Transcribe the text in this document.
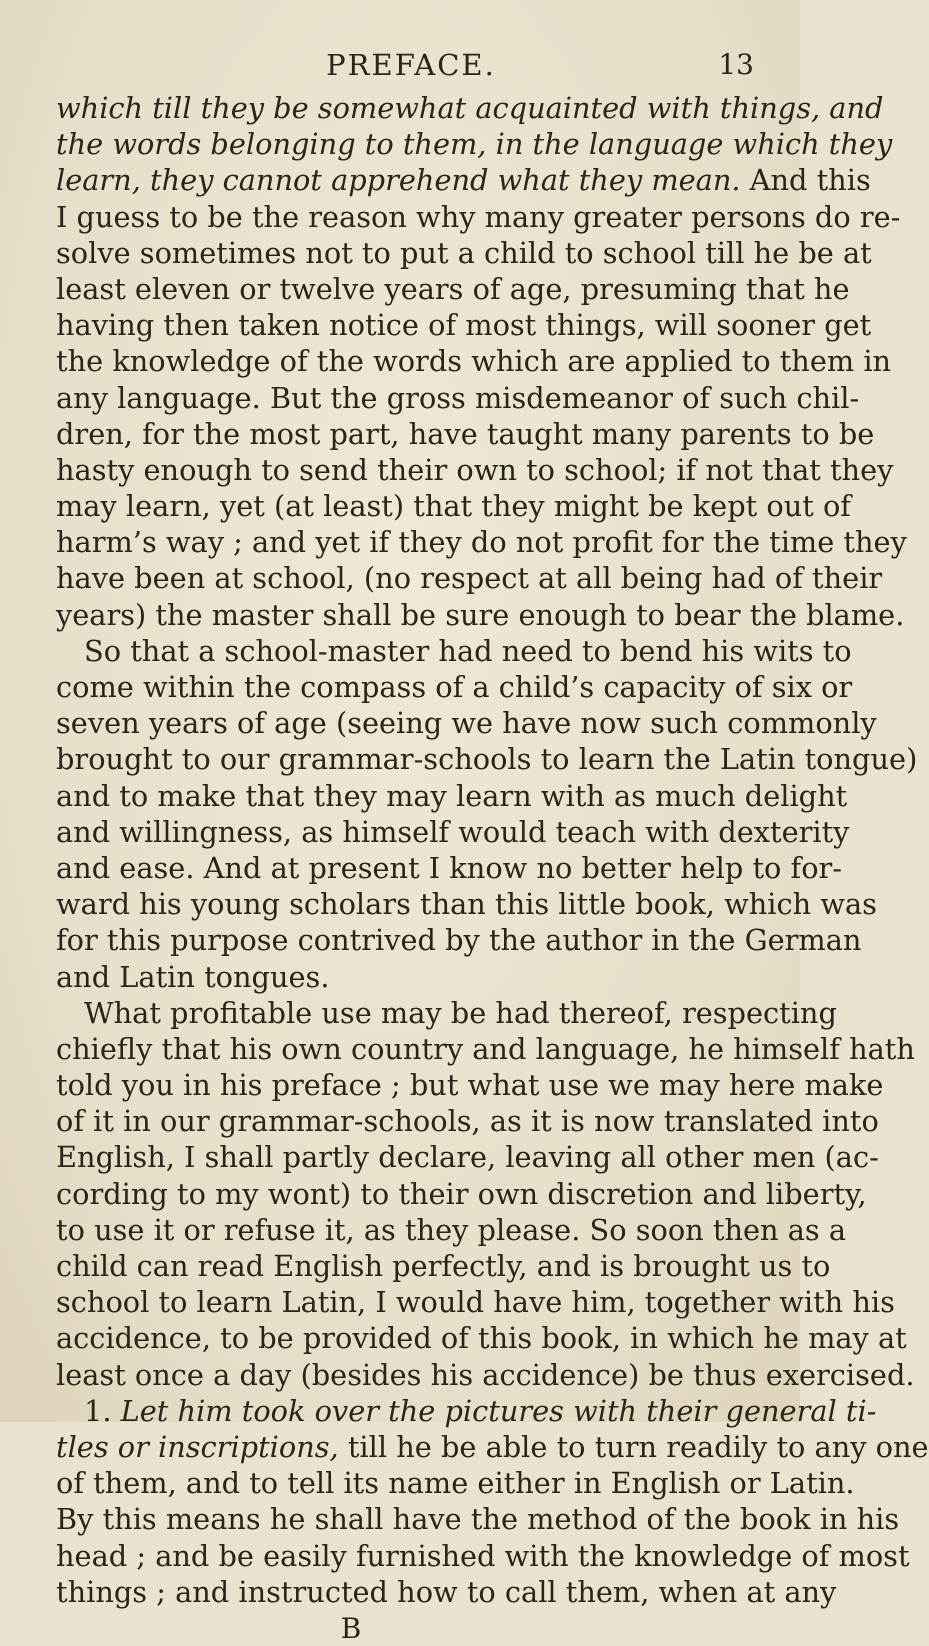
PREFACE.	13
which till they be somewhat acquainted with things, and
the words belonging to them, in the language which they
learn, they cannot apprehend what they mean. And this
I guess to be the reason why many greater persons do re-
solve sometimes not to put a child to school till he be at
least eleven or twelve years of age, presuming that he
having then taken notice of most things, will sooner get
the knowledge of the words which are applied to them in
any language. But the gross misdemeanor of such chil-
dren, for the most part, have taught many parents to be
hasty enough to send their own to school; if not that they
may learn, yet (at least) that they might be kept out of
harm’s way ; and yet if they do not profit for the time they
have been at school, (no respect at all being had of their
years) the master shall be sure enough to bear the blame.
So that a school-master had need to bend his wits to
come within the compass of a child’s capacity of six or
seven years of age (seeing we have now such commonly
brought to our grammar-schools to learn the Latin tongue)
and to make that they may learn with as much delight
and willingness, as himself would teach with dexterity
and ease. And at present I know no better help to for-
ward his young scholars than this little book, which was
for this purpose contrived by the author in the German
and Latin tongues.
What profitable use may be had thereof, respecting
chiefly that his own country and language, he himself hath
told you in his preface ; but what use we may here make
of it in our grammar-schools, as it is now translated into
English, I shall partly declare, leaving all other men (ac-
cording to my wont) to their own discretion and liberty,
to use it or refuse it, as they please. So soon then as a
child can read English perfectly, and is brought us to
school to learn Latin, I would have him, together with his
accidence, to be provided of this book, in which he may at
least once a day (besides his accidence) be thus exercised.
1. Let him took over the pictures with their general ti-
tles or inscriptions, till he be able to turn readily to any one
of them, and to tell its name either in English or Latin.
By this means he shall have the method of the book in his
head ; and be easily furnished with the knowledge of most
things ; and instructed how to call them, when at any
B
